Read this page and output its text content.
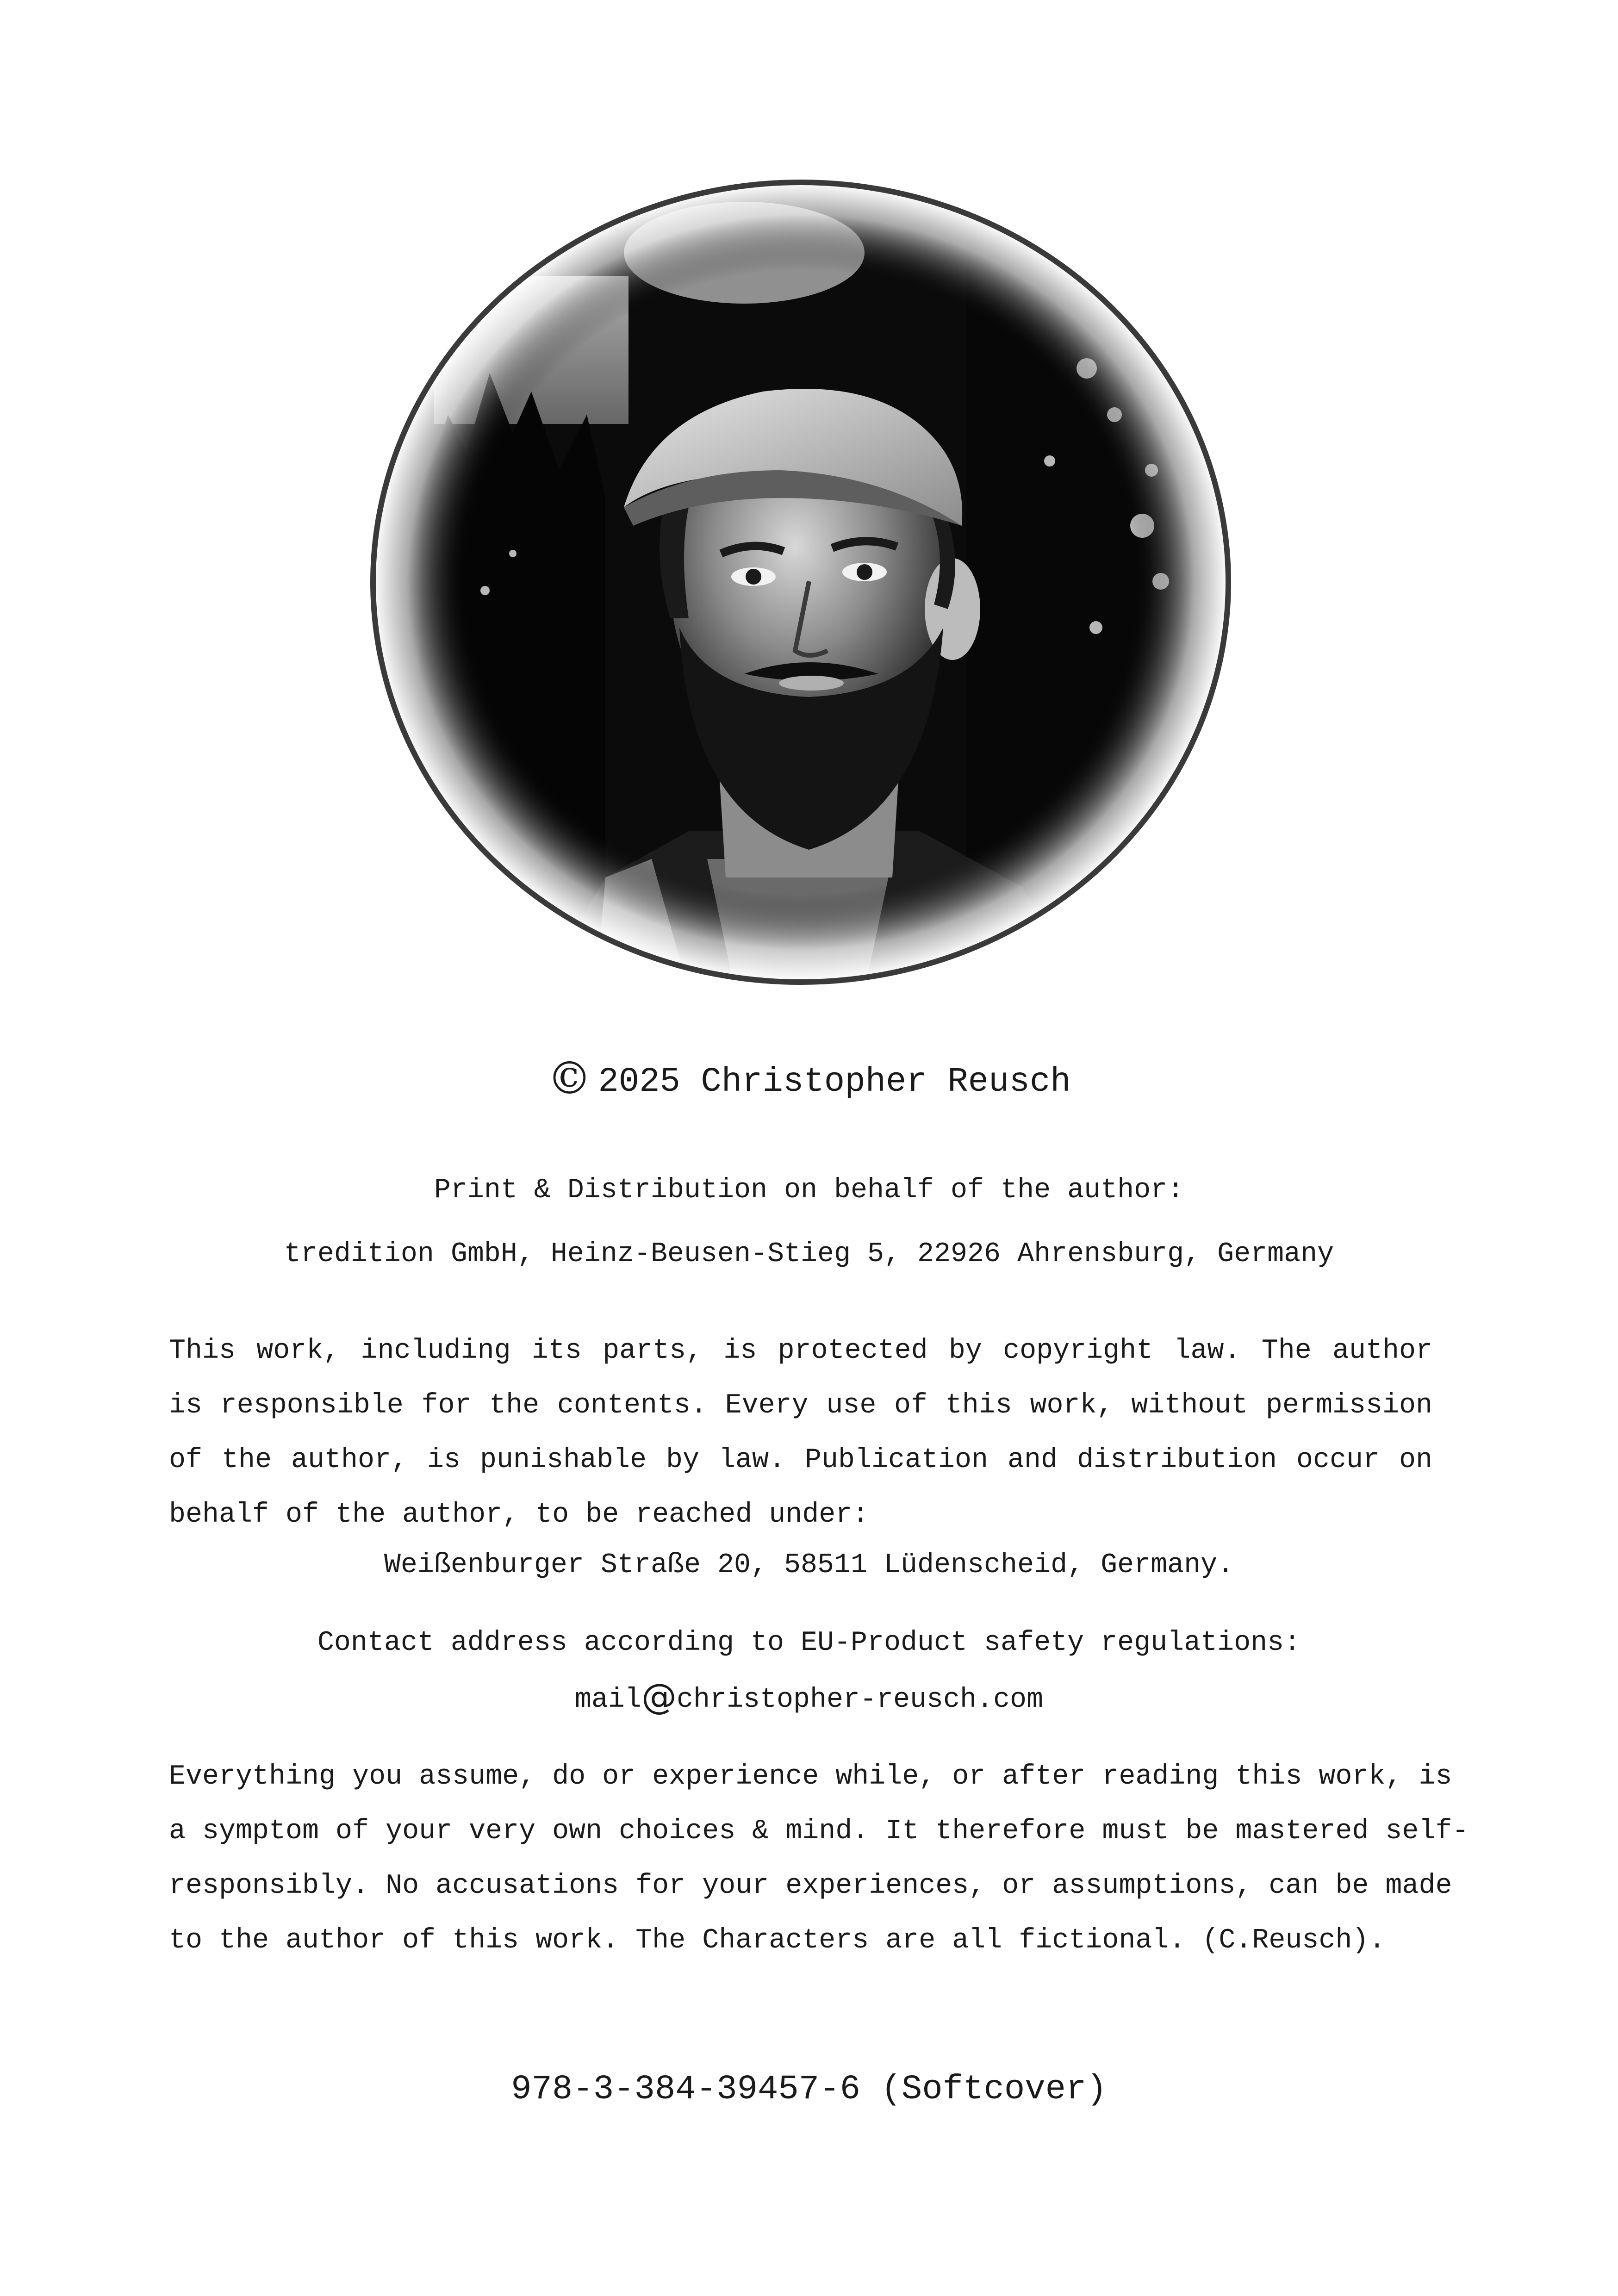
© 2025 Christopher Reusch
Print & Distribution on behalf of the author:
tredition GmbH, Heinz-Beusen-Stieg 5, 22926 Ahrensburg, Germany
This work, including its parts, is protected by copyright law. The author
is responsible for the contents. Every use of this work, without permission
of the author, is punishable by law. Publication and distribution occur on
behalf of the author, to be reached under:
Weißenburger Straße 20, 58511 Lüdenscheid, Germany.
Contact address according to EU-Product safety regulations:
mail@christopher-reusch.com
Everything you assume, do or experience while, or after reading this work, is
a symptom of your very own choices & mind. It therefore must be mastered self-
responsibly. No accusations for your experiences, or assumptions, can be made
to the author of this work. The Characters are all fictional. (C.Reusch).
978-3-384-39457-6 (Softcover)
